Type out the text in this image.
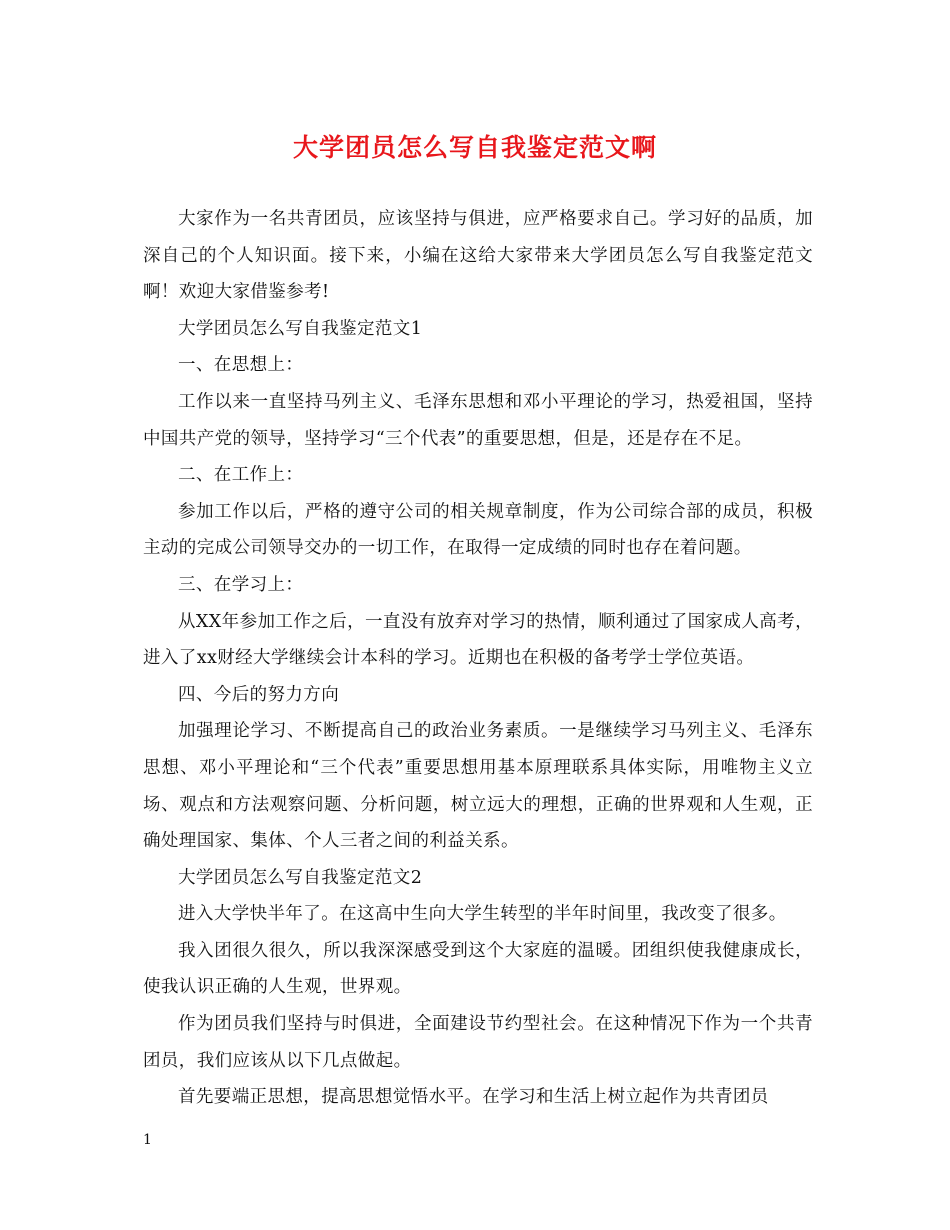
大学团员怎么写自我鉴定范文啊

大家作为一名共青团员，应该坚持与俱进，应严格要求自己。学习好的品质，加深自己的个人知识面。接下来，小编在这给大家带来大学团员怎么写自我鉴定范文啊！欢迎大家借鉴参考!

大学团员怎么写自我鉴定范文1

一、在思想上：

工作以来一直坚持马列主义、毛泽东思想和邓小平理论的学习，热爱祖国，坚持中国共产党的领导，坚持学习“三个代表”的重要思想，但是，还是存在不足。

二、在工作上：

参加工作以后，严格的遵守公司的相关规章制度，作为公司综合部的成员，积极主动的完成公司领导交办的一切工作，在取得一定成绩的同时也存在着问题。

三、在学习上：

从XX年参加工作之后，一直没有放弃对学习的热情，顺利通过了国家成人高考，进入了xx财经大学继续会计本科的学习。近期也在积极的备考学士学位英语。

四、今后的努力方向

加强理论学习、不断提高自己的政治业务素质。一是继续学习马列主义、毛泽东思想、邓小平理论和“三个代表”重要思想用基本原理联系具体实际，用唯物主义立场、观点和方法观察问题、分析问题，树立远大的理想，正确的世界观和人生观，正确处理国家、集体、个人三者之间的利益关系。

大学团员怎么写自我鉴定范文2

进入大学快半年了。在这高中生向大学生转型的半年时间里，我改变了很多。

我入团很久很久，所以我深深感受到这个大家庭的温暖。团组织使我健康成长，使我认识正确的人生观，世界观。

作为团员我们坚持与时俱进，全面建设节约型社会。在这种情况下作为一个共青团员，我们应该从以下几点做起。

首先要端正思想，提高思想觉悟水平。在学习和生活上树立起作为共青团员

1
